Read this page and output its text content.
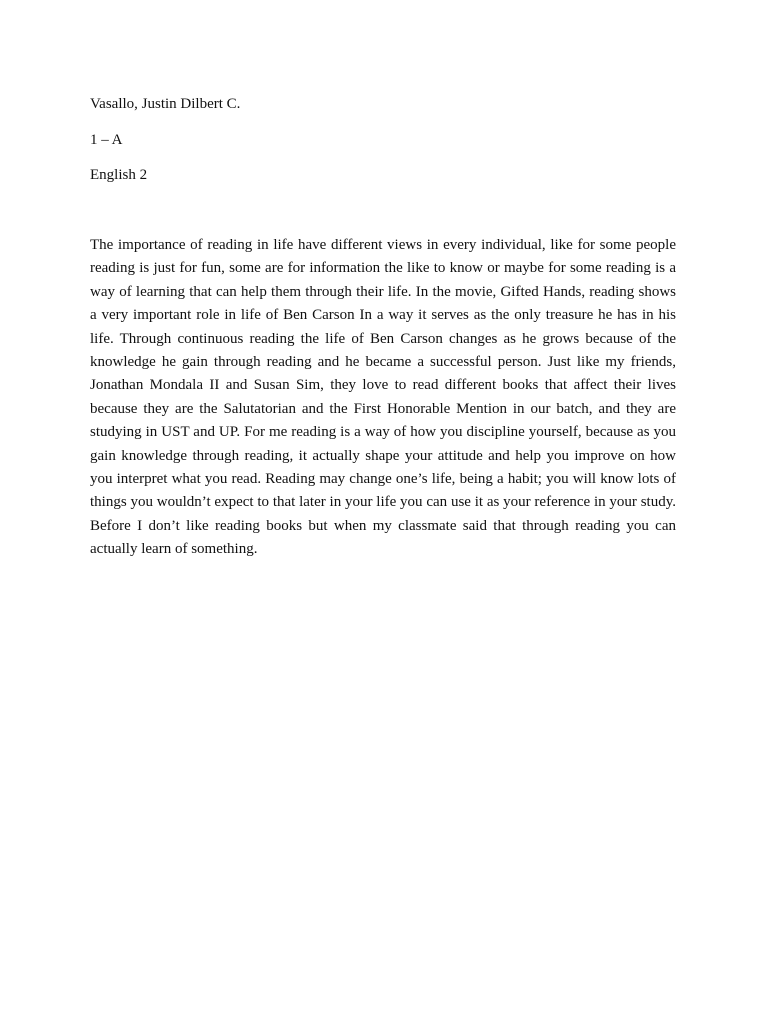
Vasallo, Justin Dilbert C.
1 – A
English 2

The importance of reading in life have different views in every individual, like for some people reading is just for fun, some are for information the like to know or maybe for some reading is a way of learning that can help them through their life. In the movie, Gifted Hands, reading shows a very important role in life of Ben Carson In a way it serves as the only treasure he has in his life. Through continuous reading the life of Ben Carson changes as he grows because of the knowledge he gain through reading and he became a successful person. Just like my friends, Jonathan Mondala II and Susan Sim, they love to read different books that affect their lives because they are the Salutatorian and the First Honorable Mention in our batch, and they are studying in UST and UP. For me reading is a way of how you discipline yourself, because as you gain knowledge through reading, it actually shape your attitude and help you improve on how you interpret what you read. Reading may change one’s life, being a habit; you will know lots of things you wouldn’t expect to that later in your life you can use it as your reference in your study. Before I don’t like reading books but when my classmate said that through reading you can actually learn of something.
